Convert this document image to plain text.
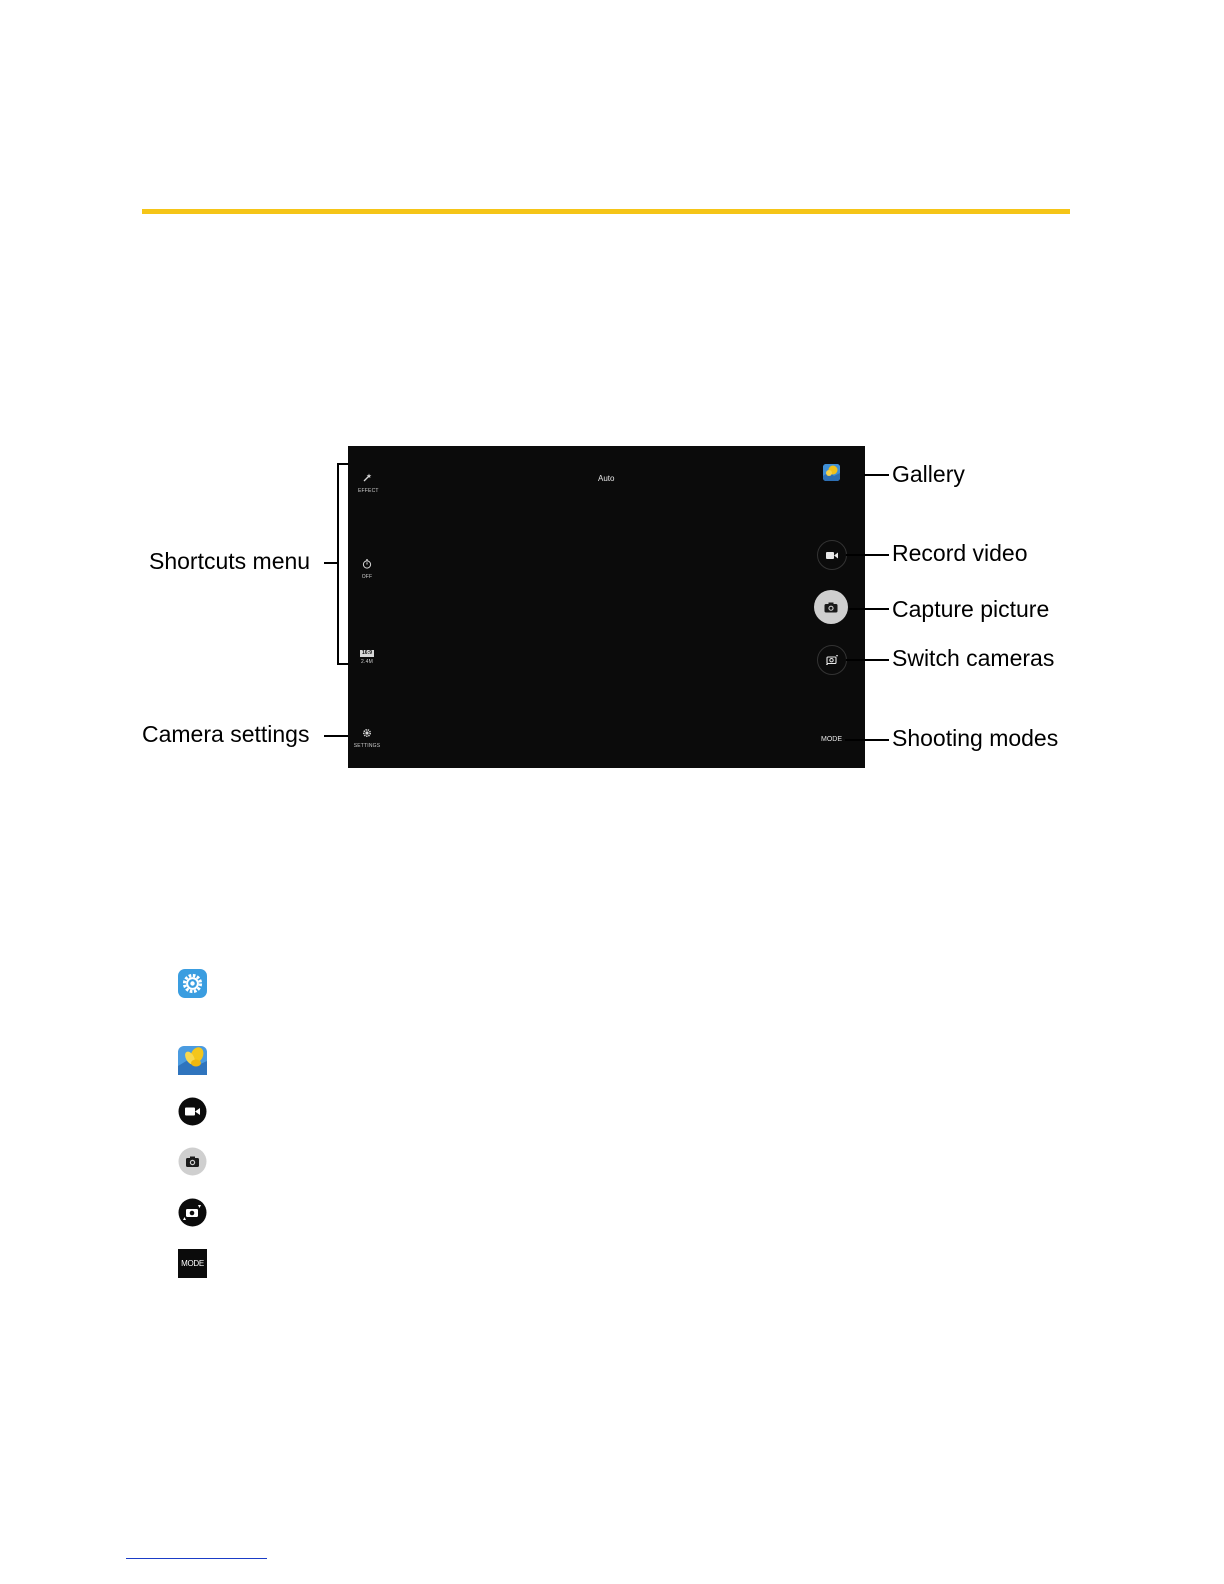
EFFECT
OFF
16:9
2.4M
SETTINGS
Auto
MODE
Shortcuts menu
Camera settings
Gallery
Record video
Capture picture
Switch cameras
Shooting modes
MODE
